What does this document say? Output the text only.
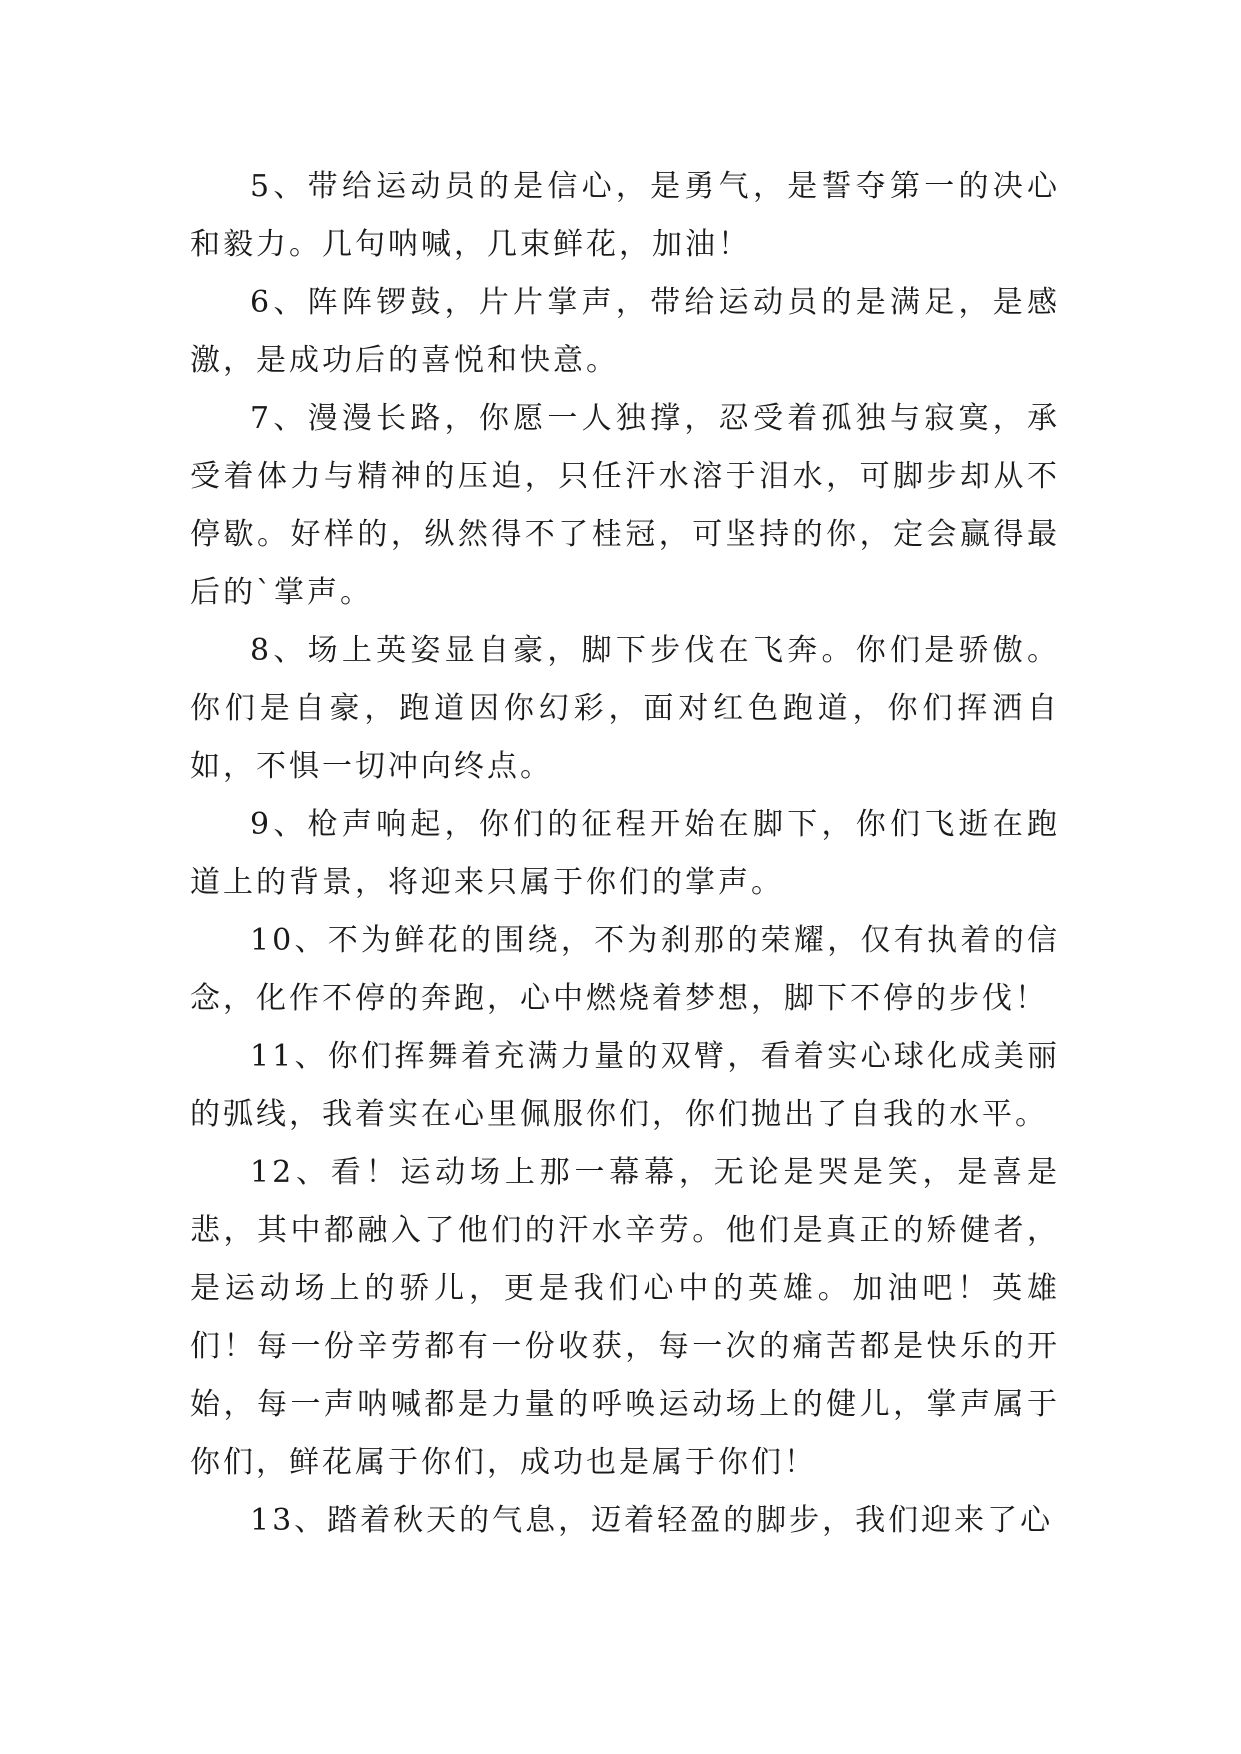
5、带给运动员的是信心，是勇气，是誓夺第一的决心和毅力。几句呐喊，几束鲜花，加油！

6、阵阵锣鼓，片片掌声，带给运动员的是满足，是感激，是成功后的喜悦和快意。

7、漫漫长路，你愿一人独撑，忍受着孤独与寂寞，承受着体力与精神的压迫，只任汗水溶于泪水，可脚步却从不停歇。好样的，纵然得不了桂冠，可坚持的你，定会赢得最后的`掌声。

8、场上英姿显自豪，脚下步伐在飞奔。你们是骄傲。你们是自豪，跑道因你幻彩，面对红色跑道，你们挥洒自如，不惧一切冲向终点。

9、枪声响起，你们的征程开始在脚下，你们飞逝在跑道上的背景，将迎来只属于你们的掌声。

10、不为鲜花的围绕，不为刹那的荣耀，仅有执着的信念，化作不停的奔跑，心中燃烧着梦想，脚下不停的步伐！

11、你们挥舞着充满力量的双臂，看着实心球化成美丽的弧线，我着实在心里佩服你们，你们抛出了自我的水平。

12、看！运动场上那一幕幕，无论是哭是笑，是喜是悲，其中都融入了他们的汗水辛劳。他们是真正的矫健者，是运动场上的骄儿，更是我们心中的英雄。加油吧！英雄们！每一份辛劳都有一份收获，每一次的痛苦都是快乐的开始，每一声呐喊都是力量的呼唤运动场上的健儿，掌声属于你们，鲜花属于你们，成功也是属于你们！

13、踏着秋天的气息，迈着轻盈的脚步，我们迎来了心
